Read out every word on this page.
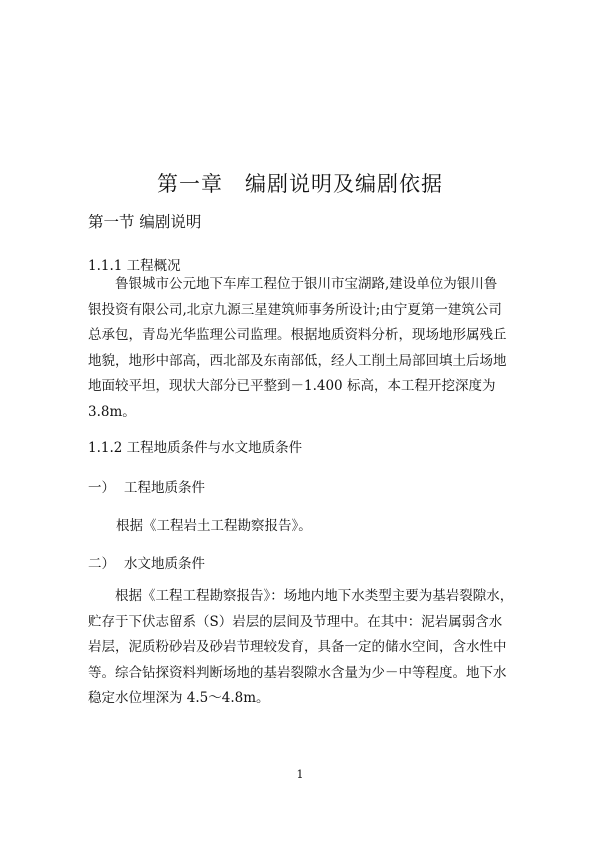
第一章　编剧说明及编剧依据
第一节 编剧说明
1.1.1 工程概况
鲁银城市公元地下车库工程位于银川市宝湖路,建设单位为银川鲁
银投资有限公司,北京九源三星建筑师事务所设计;由宁夏第一建筑公司
总承包，青岛光华监理公司监理。根据地质资料分析，现场地形属残丘
地貌，地形中部高，西北部及东南部低，经人工削土局部回填土后场地
地面较平坦，现状大部分已平整到－1.400 标高，本工程开挖深度为
3.8m。
1.1.2 工程地质条件与水文地质条件
一） 工程地质条件
根据《工程岩土工程勘察报告》。
二） 水文地质条件
根据《工程工程勘察报告》：场地内地下水类型主要为基岩裂隙水，
贮存于下伏志留系（S）岩层的层间及节理中。在其中：泥岩属弱含水
岩层，泥质粉砂岩及砂岩节理较发育，具备一定的储水空间，含水性中
等。综合钻探资料判断场地的基岩裂隙水含量为少－中等程度。地下水
稳定水位埋深为 4.5～4.8m。
1
